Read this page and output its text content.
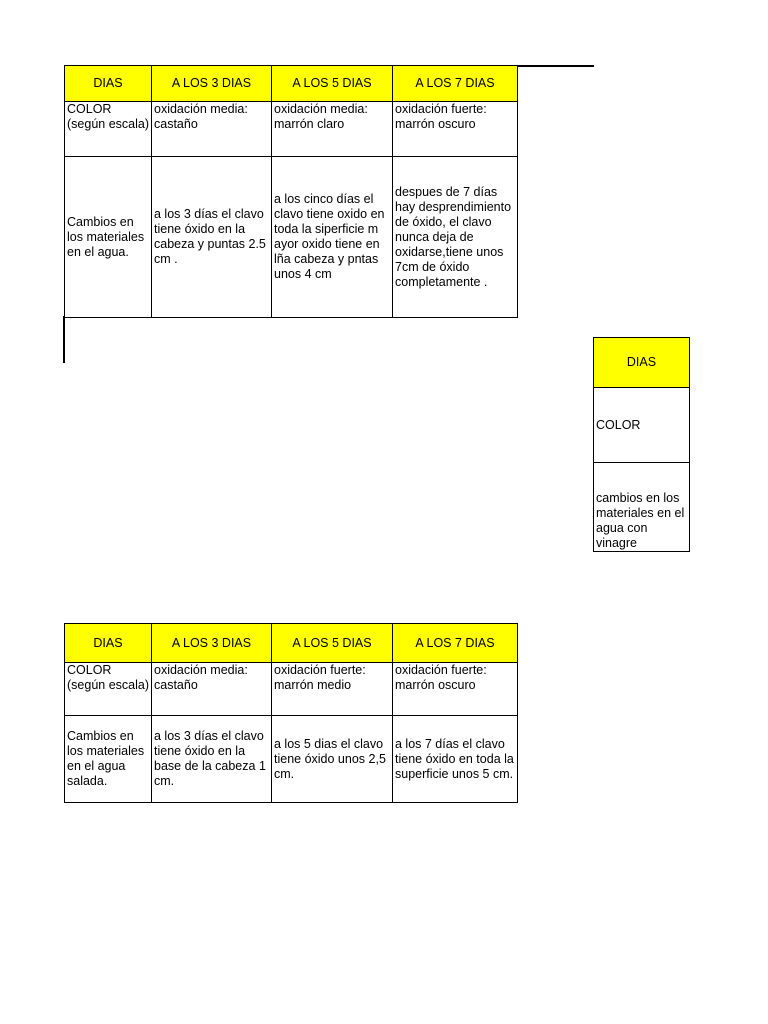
DIAS	A LOS 3 DIAS	A LOS 5 DIAS	A LOS 7 DIAS
COLOR (según escala)	oxidación media: castaño	oxidación media: marrón claro	oxidación fuerte: marrón oscuro
Cambios en los materiales en el agua.	a los 3 días el clavo tiene óxido en la cabeza y puntas 2.5 cm .	a los cinco días el clavo tiene oxido en toda la siperficie m ayor oxido tiene en lña cabeza y pntas unos 4 cm	despues de 7 días hay desprendimiento de óxido, el clavo nunca deja de oxidarse,tiene unos 7cm de óxido completamente .
DIAS
COLOR
cambios en los materiales en el agua con vinagre
DIAS	A LOS 3 DIAS	A LOS 5 DIAS	A LOS 7 DIAS
COLOR (según escala)	oxidación media: castaño	oxidación fuerte: marrón medio	oxidación fuerte: marrón oscuro
Cambios en los materiales en el agua salada.	a los 3 días el clavo tiene óxido en la base de la cabeza 1 cm.	a los 5 dias el clavo tiene óxido unos 2,5 cm.	a los 7 días el clavo tiene óxido en toda la superficie unos 5 cm.
